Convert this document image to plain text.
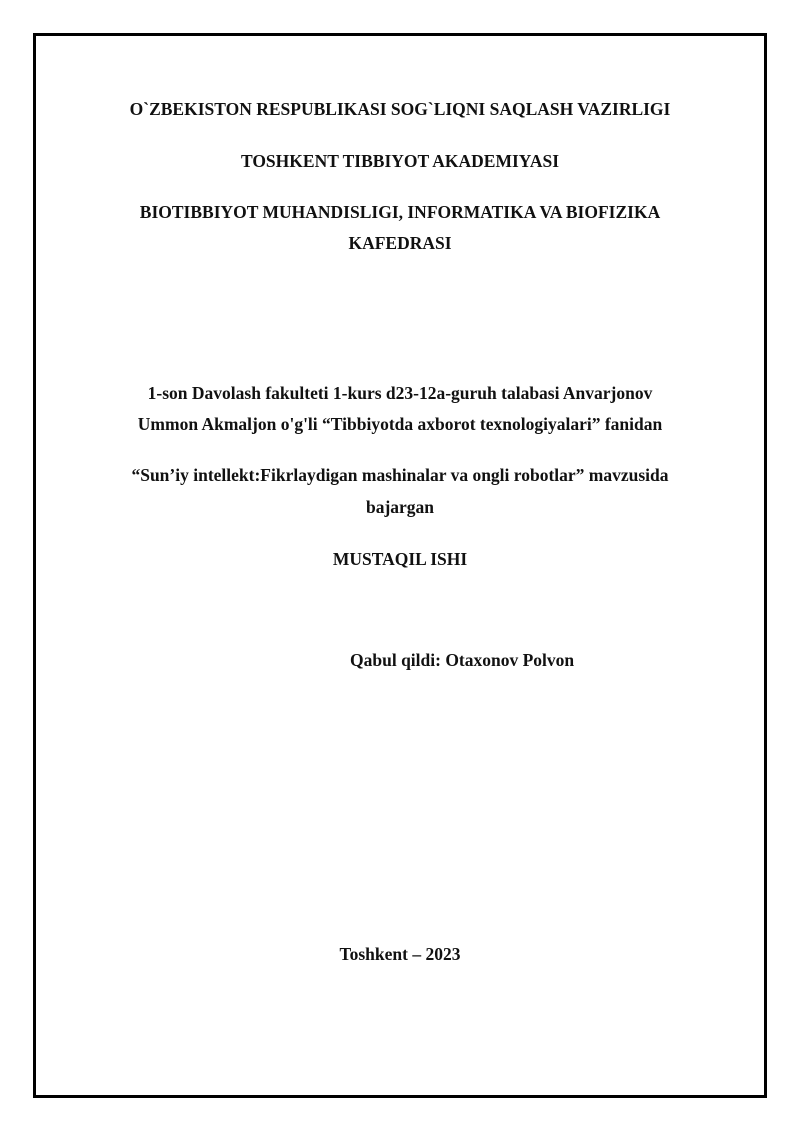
O`ZBEKISTON RESPUBLIKASI SOG`LIQNI SAQLASH VAZIRLIGI
TOSHKENT TIBBIYOT AKADEMIYASI
BIOTIBBIYOT MUHANDISLIGI, INFORMATIKA VA BIOFIZIKA
KAFEDRASI
1-son Davolash fakulteti 1-kurs d23-12a-guruh talabasi Anvarjonov
Ummon Akmaljon o'g'li “Tibbiyotda axborot texnologiyalari” fanidan
“Sun’iy intellekt:Fikrlaydigan mashinalar va ongli robotlar” mavzusida
bajargan
MUSTAQIL ISHI
Qabul qildi: Otaxonov Polvon
Toshkent – 2023
